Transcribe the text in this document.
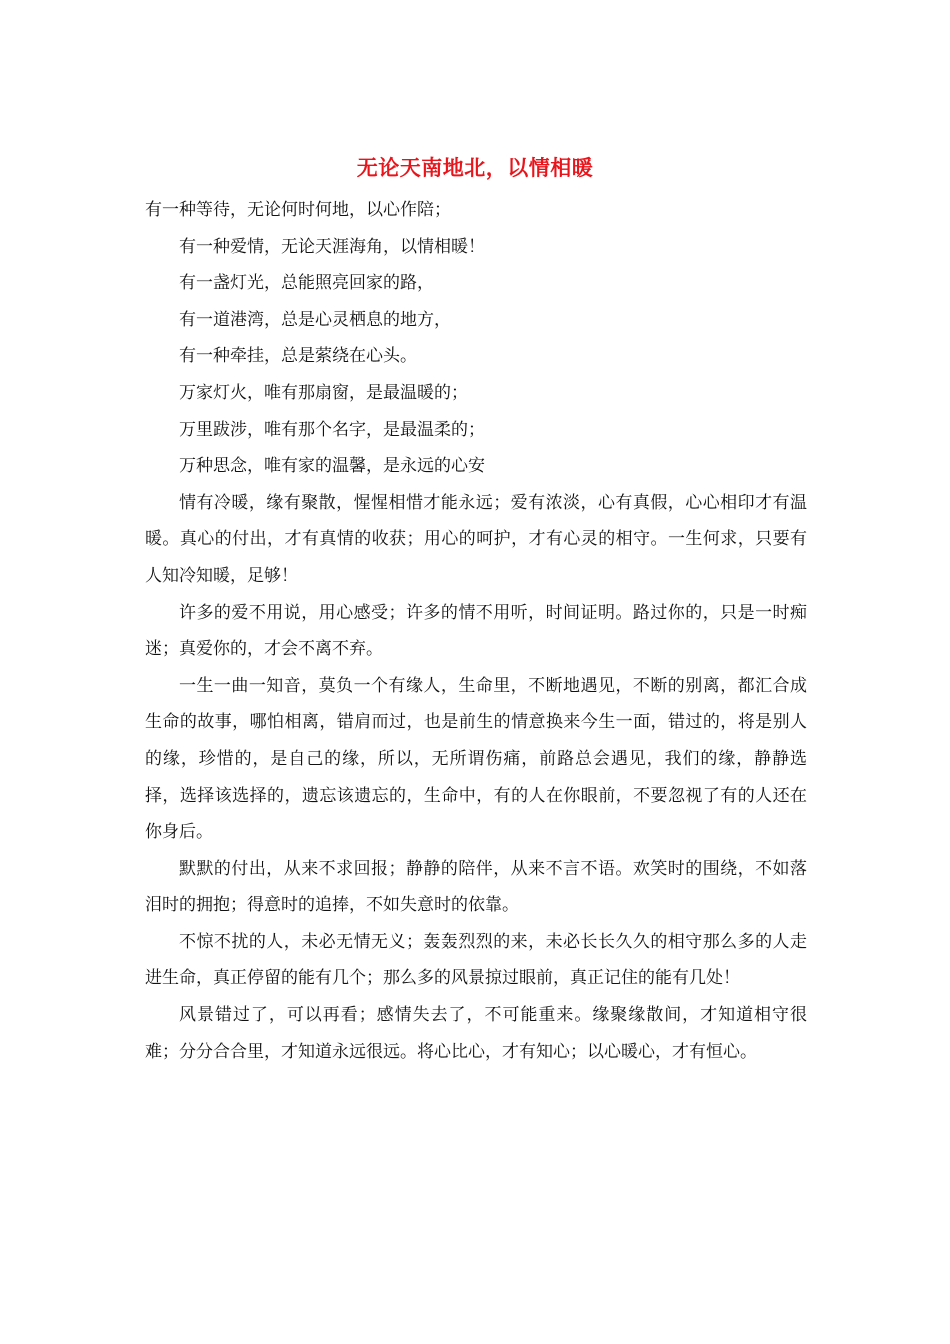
无论天南地北，以情相暖

有一种等待，无论何时何地，以心作陪；

有一种爱情，无论天涯海角，以情相暖！

有一盏灯光，总能照亮回家的路，

有一道港湾，总是心灵栖息的地方，

有一种牵挂，总是萦绕在心头。

万家灯火，唯有那扇窗，是最温暖的；

万里跋涉，唯有那个名字，是最温柔的；

万种思念，唯有家的温馨，是永远的心安

情有冷暖，缘有聚散，惺惺相惜才能永远；爱有浓淡，心有真假，心心相印才有温暖。真心的付出，才有真情的收获；用心的呵护，才有心灵的相守。一生何求，只要有人知冷知暖，足够！

许多的爱不用说，用心感受；许多的情不用听，时间证明。路过你的，只是一时痴迷；真爱你的，才会不离不弃。

一生一曲一知音，莫负一个有缘人，生命里，不断地遇见，不断的别离，都汇合成生命的故事，哪怕相离，错肩而过，也是前生的情意换来今生一面，错过的，将是别人的缘，珍惜的，是自己的缘，所以，无所谓伤痛，前路总会遇见，我们的缘，静静选择，选择该选择的，遗忘该遗忘的，生命中，有的人在你眼前，不要忽视了有的人还在你身后。

默默的付出，从来不求回报；静静的陪伴，从来不言不语。欢笑时的围绕，不如落泪时的拥抱；得意时的追捧，不如失意时的依靠。

不惊不扰的人，未必无情无义；轰轰烈烈的来，未必长长久久的相守那么多的人走进生命，真正停留的能有几个；那么多的风景掠过眼前，真正记住的能有几处！

风景错过了，可以再看；感情失去了，不可能重来。缘聚缘散间，才知道相守很难；分分合合里，才知道永远很远。将心比心，才有知心；以心暖心，才有恒心。
